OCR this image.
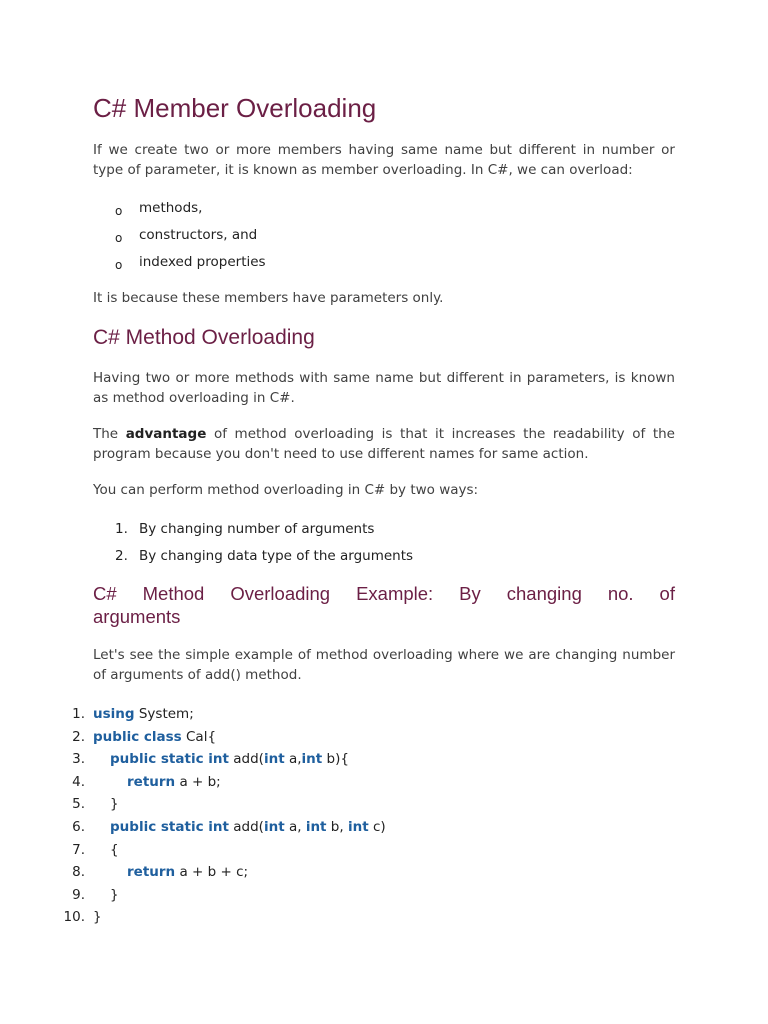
C# Member Overloading

If we create two or more members having same name but different in number or
type of parameter, it is known as member overloading. In C#, we can overload:

o methods,
o constructors, and
o indexed properties

It is because these members have parameters only.

C# Method Overloading

Having two or more methods with same name but different in parameters, is known
as method overloading in C#.

The advantage of method overloading is that it increases the readability of the
program because you don't need to use different names for same action.

You can perform method overloading in C# by two ways:

1. By changing number of arguments
2. By changing data type of the arguments
C# Method Overloading Example: By changing no. of
arguments

Let's see the simple example of method overloading where we are changing number
of arguments of add() method.

1. using System;
2. public class Cal{
3. public static int add(int a,int b){
4.	return a + b;
5. }
6. public static int add(int a, int b, int c)
7. {
8.	return a + b + c;
9. }
10. }
